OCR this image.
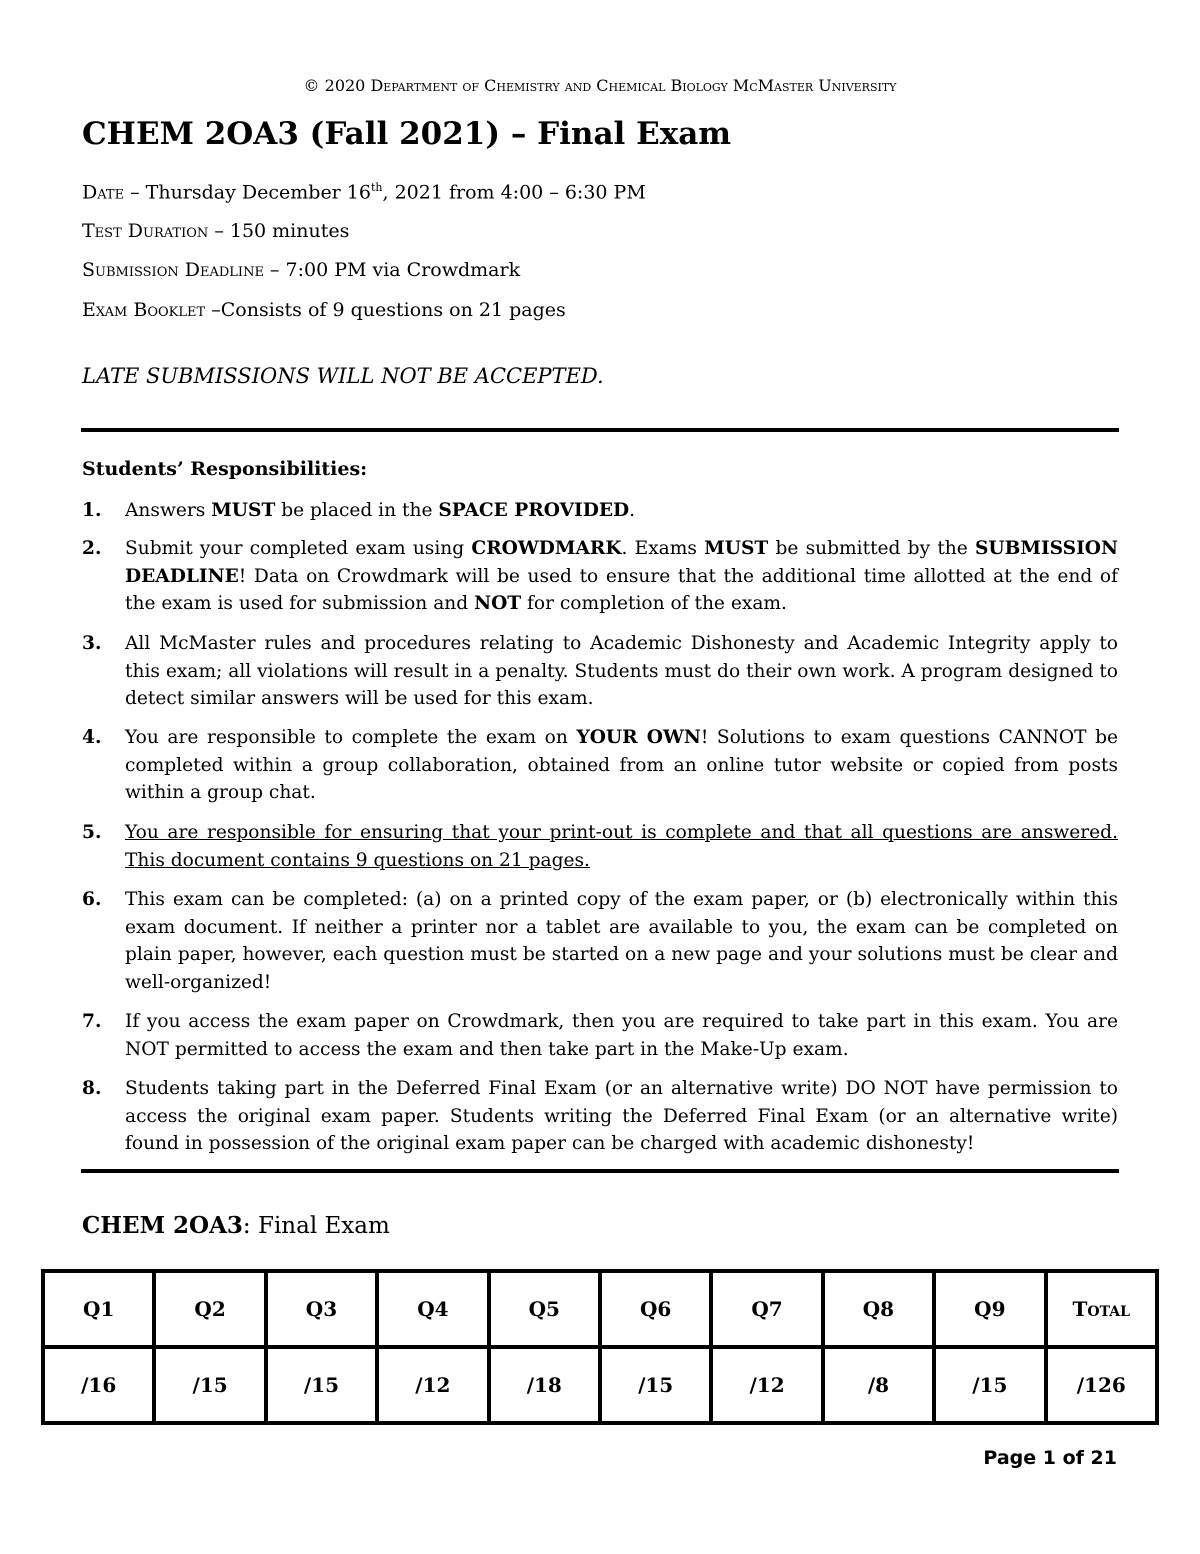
© 2020 Department of Chemistry and Chemical Biology McMaster University
CHEM 2OA3 (Fall 2021) – Final Exam
Date – Thursday December 16th, 2021 from 4:00 – 6:30 PM
Test Duration – 150 minutes
Submission Deadline – 7:00 PM via Crowdmark
Exam Booklet –Consists of 9 questions on 21 pages
LATE SUBMISSIONS WILL NOT BE ACCEPTED.
Students’ Responsibilities:
1. Answers MUST be placed in the SPACE PROVIDED.
2. Submit your completed exam using CROWDMARK. Exams MUST be submitted by the SUBMISSION DEADLINE! Data on Crowdmark will be used to ensure that the additional time allotted at the end of the exam is used for submission and NOT for completion of the exam.
3. All McMaster rules and procedures relating to Academic Dishonesty and Academic Integrity apply to this exam; all violations will result in a penalty. Students must do their own work. A program designed to detect similar answers will be used for this exam.
4. You are responsible to complete the exam on YOUR OWN! Solutions to exam questions CANNOT be completed within a group collaboration, obtained from an online tutor website or copied from posts within a group chat.
5. You are responsible for ensuring that your print-out is complete and that all questions are answered. This document contains 9 questions on 21 pages.
6. This exam can be completed: (a) on a printed copy of the exam paper, or (b) electronically within this exam document. If neither a printer nor a tablet are available to you, the exam can be completed on plain paper, however, each question must be started on a new page and your solutions must be clear and well-organized!
7. If you access the exam paper on Crowdmark, then you are required to take part in this exam. You are NOT permitted to access the exam and then take part in the Make-Up exam.
8. Students taking part in the Deferred Final Exam (or an alternative write) DO NOT have permission to access the original exam paper. Students writing the Deferred Final Exam (or an alternative write) found in possession of the original exam paper can be charged with academic dishonesty!
CHEM 2OA3: Final Exam
Q1	Q2	Q3	Q4	Q5	Q6	Q7	Q8	Q9	Total
/16	/15	/15	/12	/18	/15	/12	/8	/15	/126
Page 1 of 21
